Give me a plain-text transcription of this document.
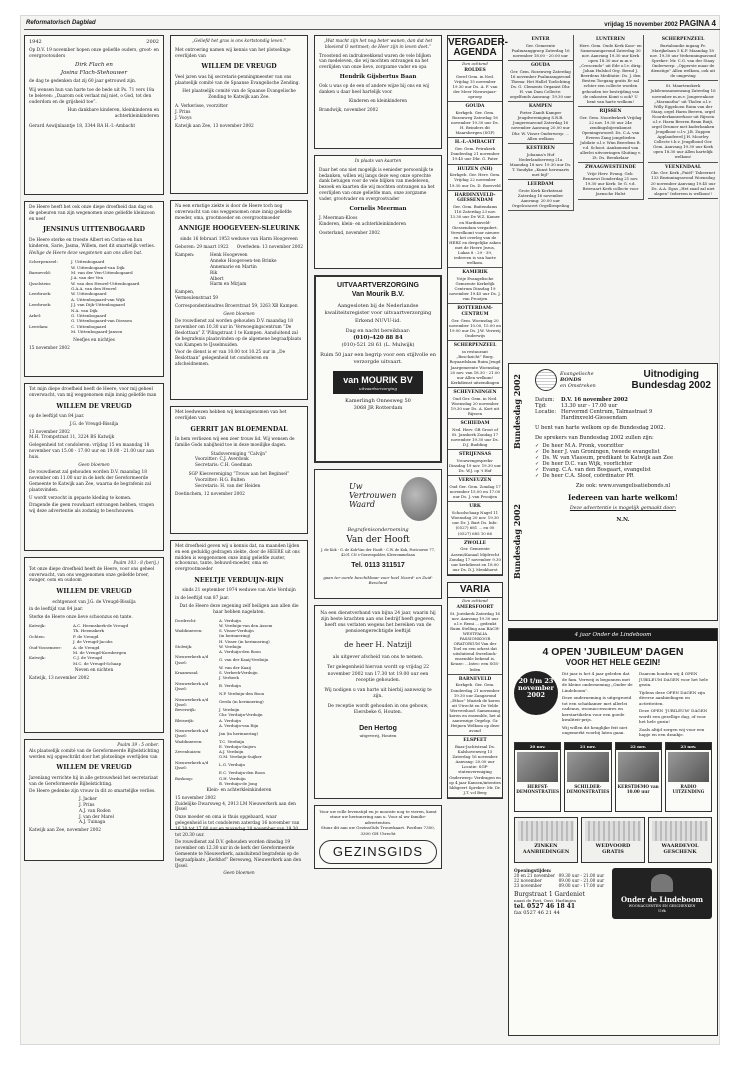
Reformatorisch Dagblad	vrijdag 15 november 2002 PAGINA 4
1942	2002
Op D.V. 19 november hopen onze geliefde ouders, groot- en overgrootouders
Dirk Flach en
Josina Flach-Stehouwer
de dag te gedenken dat zij 60 jaar getrouwd zijn.
Wij wensen hun van harte toe de bede uit Ps. 71 vers 18a te beleven: „Daarom ook verlaat mij niet, o God, tot den ouderdom en de grijsheid toe”.
Hun dankbare kinderen, kleinkinderen en achterkleinkinderen
Gerard Aswijnlaantje 18, 3344 RA H.-I.-Ambacht
De Heere heeft het ook onze diepe droefheid dan dag en de gebeuren van zijn wegenomen onze geliefde kleinzoon en neef
JENSINUS UITTENBOGAARD
De Heere sterke en troeste Albert en Corine en hun kinderen, Sarie, Jasma, Willem, met dit smartelijk verlies.
Heilige de Heere deze wegstenen aan ons allen bat.
Scherpenzeel:	J. Uittenbogaard
	W. Uittenbogaard-van Dijk
Barneveld:	M. van der Ven-Uittenbogaard
	J.A. van der Ven
IJsselstein:	W. van den Heuvel-Uittenbogaard
	G.A.A. van den Heuvel
Leerbroek:	W. Uittenbogaard
	A. Uittenbogaard-van Wijk
Leerbroek:	J.J. van Dijk-Uittenbogaard
	N.A. van Dijk
Arkel:	G. Uittenbogaard
	G. Uittenbogaard-van Diessen
Leerdam:	C. Uittenbogaard
	M. Uittenbogaard-Jansen
Neefjes en nichtjes
15 november 2002
Tot mijn diepe droefheid heeft de Heere, voor mij geheel onverwacht, van mij weggenomen mijn innig geliefde man
WILLEM DE VREUGD
op de leeftijd van 84 jaar.
J.G. de Vreugd-Bissilja
13 november 2002
M.H. Trompstraat 11, 3224 BS Katwijk
Gelegenheid tot condoleren: vrijdag 15 en maandag 18 november van 15.00 - 17.00 uur en 19.00 - 21.00 uur aan huis.
Geen bloemen
De rouwdienst zal gehouden worden D.V. maandag 18 november om 11.00 uur in de kerk der Gereformeerde Gemeente te Katwijk aan Zee, waarna de begrafenis zal plaatsvinden.
U wordt verzocht in gepaste kleding te komen.
Dragende die geen rouwkaart ontvangen hebben, vragen wij deze advertentie als zodanig te beschouwen.
Psalm 103 : 8 (berij.)
Tot onze diepe droefheid heeft de Heere, voor ons geheel onverwacht, van ons weggenomen onze geliefde broer, zwager, oom en oudoom
WILLEM DE VREUGD
echtgenoot van J.G. de Vreugd-Bissilja
in de leeftijd van 84 jaar.
Sterke de Heere onze lieve schoonzus en tante.
Katwijk:	A.C. Heemskerk-de Vreugd
	Th. Heemskerk
Ochten:	P. de Vreugd
	J. de Vreugd-Jacobs
Oud-Vossemeer:	A. de Vreugd
	M. de Vreugd-Kornbergen
Katwijk:	C.J. de Vreugd
	M.C. de Vreugd-Schaap
Neven en nichten
Katwijk, 13 november 2002
Psalm 39 : 5 onber.
Als plaatselijk comité van de Gereformeerde Bijbelstichting werden wij opgeschrikt door het plotselinge overlijden van
WILLEM DE VREUGD
Jarenlang verrichte hij in alle getrouwheid het secretariaat van de Gereformeerde Bijbelstichting.
De Heere gedenke zijn vrouw in dit zo smartelijke verlies.
J. Jacker
J. Prins
A.J. van Roden
J. van der Marel
A.J. Tuinaga
Katwijk aan Zee, november 2002
„Geliefd het gras is ons kortstondig leven.”
Met ontroering namen wij kennis van het plotselinge overlijden van
WILLEM DE VREUGD
Veel jaren was hij secretaris-penningmeester van ons plaatselijk comité van de Spaanse Evangelische Zending.
Het plaatselijk comité van de Spaanse Evangelische Zending te Katwijk aan Zee.
A. Verkerisse, voorzitter
J. Prins
J. Vooys
Katwijk aan Zee, 13 november 2002
Na een ernstige ziekte is door de Heere toch nog onverwacht van ons weggenomen onze innig geliefde moeder, oma, grootmoeder en overgrootmoeder
ANNIGJE HOOGEVEEN-SLEURINK
sinds 16 februari 1953 weduwe van Harm Hoogeveen
Geboren: 29 maart 1922 Overleden: 13 november 2002
Kampen:	Henk Hoogeveen
Anneke Hoogeveen-ten Brinke
Annemarie en Martin
Rik
Albert
Harm en Mirjam
Kampen,
Vermeulenstraat 59
Correspondentieadres Broerstraat 59, 3263 XB Kampen
Geen bloemen
De rouwdienst zal worden gehouden D.V. maandag 18 november om 10.30 uur in 'Verwoegingscentrum “De Beslottaan” Z 'Pilingstraat 1 te Kampen. Aansluitend zal de begrafenis plaatsvinden op de algemene begraafplaats van Kampen te IJsselmuiden.
Voor de dienst is er van 10.00 tot 10.25 uur in „De Beslottaan” gelegenheid tot condoleren en afscheidnemen.
Met leedwezen hebben wij kennisgenomen van het overlijden van
GERRIT JAN BLOEMENDAL
In hem verliezen wij een zeer trouw lid. Wij wensen de familie Gods nabijheid toe in deze moeilijke dagen.
Stadsvereniging “Calvijn”
Voorzitter: C.J. Averdonk
Secretaris: C.H. Goedman
SGP Kiesvereniging “Trouw aan het Beginsel”
Voorzitter: H.G. Bulten
Secretaris: H. van der Heiden
Doetinchem, 12 november 2002
Met droefheid geven wij u kennis dat, na maanden lijden en een geduldig gedragen ziekte, door de HEERE uit ons midden is weggenomen onze innig geliefde zuster, schoonzus, tante, behuwd-moeder, oma en overgrootmoeder
NEELTJE VERDUIJN-RIJN
sinds 21 september 1974 weduwe van Arie Verduijn
in de leeftijd van 87 jaar.
Dat de Heere deze zegening zelf heiligen aan allen die haar hebben nagelaten.
Dordrecht:	A. Verduijn
	W. Verduijn-van den Assem
Waddinxveen:	S. Visser-Verduijn
	(in herinnering)
	H. Visser (in herinnering)
Stolwijk:	W. Verduijn
	A. Verduijn-den Boon
Nieuwerkerk a/d IJssel:	G. van der Kaaij-Verduijn
	W. van der Kaaij
Kraamwaal:	S. Verbeek-Verduijn
	J. Verbeek
Nieuwerkerk a/d IJssel:	B. Verduijn
	N.P. Verduijn-den Boon
Nieuwerkerk a/d IJssel:	Gerda (in herinnering)
Beverwijk:	J. Verduijn
	Chr. Verduijn-Verduijn
Bleiswijk:	A. Verduijn
	A. Verduijn-van Rijn
Nieuwerkerk a/d IJssel:	Jan (in herinnering)
Waddinxveen:	T.C. Verduijn
	E. Verduijn-Snijers
Zevenhuizen:	A.J. Verduijn
	G.M. Verduijn-Suijker
Nieuwerkerk a/d IJssel:	L.G. Verduijn
	E.C. Verduijn-den Boon
Boskoop:	G.H. Verduijn
	B. Verduijn-de Jong
Klein- en achterkleinkinderen
15 november 2002
Zuidelijke Dwarsweg 4, 2913 LM Nieuwerkerk aan den IJssel
Onze moeder en oma is thuis opgebaard, waar gelegenheid is tot condoleren zaterdag 16 november van 16.30 tot 17.00 uur en maandag 18 november van 19.30 tot 20.30 uur.
De rouwdienst zal D.V. gehouden worden dinsdag 19 november om 12.30 uur in de kerk der Gereformeerde Gemeente te Nieuwerkerk, aansluitend begrafenis op de begraafplaats „Kerkhof” Beresweg, Nieuwerkerk aan den IJssel.
Geen bloemen
„Wat macht zijn het nog beter wanen, dan dat het bloeiend O wetmoet; de Heer zijn in leven doet.”
Troostend en indrukwekkend waren de vele blijken van medeleven, die wij mochten ontvangen na het overlijden van onze lieve, zorgzame vader en opa
Hendrik Gijsbertus Baan
Ook u was op de een of andere wijze bij ons en wij danken u daar heel hartelijk voor.
Kinderen en kleinkinderen
Brandwijk, november 2002
In plaats van kaarten
Daar het ons niet mogelijk is eenieder persoonlijk te bedanken, willen wij langs deze weg onze oprechte dank betuigen voor de vele blijken van medeleven, bezoek en kaarten die wij mochten ontvangen na het overlijden van onze geliefde man, onze zorgzame vader, grootvader en overgrootvader
Cornelis Meerman
J. Meerman-Kloos
Kinderen, klein- en achterkleinkinderen
Oosterland, november 2002
UITVAARTVERZORGING
Van Mourik B.V.
Aangesloten bij de Nederlandse kwaliteitsregister voor uitvaartverzorging
Erkend NUVU-lid.
Dag en nacht bereikbaar:
(010)-420 88 84
(010)-521 28 61 (L. Mulwijk)
Ruim 50 jaar een begrip voor een stijlvolle en verzorgde uitvaart.
van MOURIK BV
uitvaartverzorging
Kamerlingh Onnesweg 50
3068 JR Rotterdam
Uw
Vertrouwen
Waard
Begrafenisonderneming
Van der Hooft
J. de Kok - G. de Kok-Van der Hooft - C.W. de Kok, Postcouwe 77, 4201 CN s-Gravenpolder, Kleerommelaan
Tel. 0113 311517
gaan ter oorde beschikbaar voor heel Noord- en Zuid-Beveland
Na een dienstverband van bijna 24 jaar, waarin hij zijn beste krachten aan ons bedrijf heeft gegeven, heeft ons verlaten wegens het bereiken van de pensioengerechtigde leeftijd
de heer H. Natzijl
als uitgever afscheid van ons te nemen.
Ter gelegenheid hiervan wordt op vrijdag 22 november 2002 van 17.30 tot 19.00 uur een receptie gehouden.
Wij nodigen u van harte uit hierbij aanwezig te zijn.
De receptie wordt gehouden in ons gebouw, Eiersbeke 6, Houten.
Den Hertog
uitgeverij, Houten
Voor uw rolle levenstijd en je mooiste nog te vieren, komt stuur uw herinnering aan u. Voor al uw familie-advertenties.
Stuur dit aan uw GezinsGids Trouwkaart. Postbus 7350, 3300 GH Utrecht
GEZINSGIDS
VERGADER-
AGENDA
Den ochtend
ROLDES
Geref Gem. in Ned. Vrijdag 15 november 19.30 uur Ds. A. F. van der Meer Nieuwsjaar-oproep
GOUDA
Kerkgeb. Ger. Gem. Rozenweg Zaterdag 16 november 19.30 uur Ds. H. Beinders dit Maarsbergen (SGP)
H.-I.-AMBACHT
Ger. Gem. Petrakerk Donderdag 21 november 19.45 uur Dhr. G. Pater
HUIZEN (NH)
Kerkgeb. Ger. Herv. Gem. Vrijdag 22 november 19.30 uur Ds. D. Boesveld
HARDINXVELD-GIESSENDAM
Ger. Gem. Buitendams 116 Zaterdag 23 nov. 13.30 uur De W.Z. Kamer en Hardinxveld-Giessendam vergadert. Verwelkomt voor nieuwe en het overleg van de HERZ en dergelijke zaken met de Heere Jezus, Lukas 8 : 29 - 39, iedereen is van harte welkom.
KAMERIK
Vrije Evangelische Gemeente Kerkelijk Centrum Dinsdag 19 november 19.45 uur Ds. J. van Prooijen
ROTTERDAM-CENTRUM
Ger. Gem. Woensdag 20 november 10.00, 15.00 en 19.00 uur Ds. J.W. Verweij Onderwijs
SCHERPENZEEL
in restaurant „Boschzicht” Burg. Royaardslaan Ruim Jeugd Jaargemeente Woensdag 20 nov. van 18.30 - 21.00 uur Allen welkom! Kerkdienst uitzendingen
SCHEVENINGEN
Oud Ger. Gem. in Ned. Woensdag 20 november 19.30 uur Ds. A. Kort uit Rijssen
SCHIEDAM
Ned. Herv. GB Groot of St. Janskerk Zondag 17 november 19.30 uur Ds. D.J. Budding
STRIJENSAS
Vrouwengespreks-Dinsdag 19 nov. 19.30 uur Ds. W.J. op 't Hof
VERNEUZEN
Oud Ger. Gem. Zondag 17 november 15.00 en 17.00 uur Ds. J. van Prooijen
URK
Schoolschaap Nagel 11 Woensdag 20 nov. 19.30 uur Dr. J. Bart Ds. Info: (0527) 681 ... en 00 (0527) 685 10 66
ZWOLLE
Ger. Gemeente Asseni/Kanaal Mijdrecht Zondag 17 november 9.30 uur kerkdienst en 18.00 uur Ds. D.J. Menkhorst
VARIA
Den ochtend
AMERSFOORT
St. Joriskerk Zaterdag 16 nov. Aanvang 19.30 uur o.l.v. Remi ... gedenkt Ruim Stelling aan BACH-WESTFALIA PASSIONKOOR ORATORIUM Van der Toel en een orkest dat uitsluitend Sweelinck-ensemble bekend is. Keuze: ...Intro: een SGS-leden
BARNEVELD
Kerkgeb. Ger. Gem. Donderdag 21 november 19.30 uur Zangavond „Ethos” Muziek de koren uit Utrecht en De Velde Wervershoof. Samenzang koren en ensemble, het al aanwezige Orgelsp. Gz Heijnen Welkom op deze avond
ELSPEET
Baaz-Jachtstraal Ds. Kalshovenweg 15 Zaterdag 16 november Aanvang: 20.00 uur Locatie: SGP-statenvereniging Onderwerp: Verdragen en op 4 jaar Kansen/intenties hbbgeert Spreker: Mr. Dr. J.T. v.d Berg
ENTER
Ger. Gemeente Psalmzanggroep Zaterdag 16 november 18.00 - 20.00 uur
GOUDA
Ger. Gem. Rozenweg Zaterdag 16 november Psalmzangavond Thema: Het Hallel Toelichting Ds. G. Clements Organist Dhr. H. van Dam Collecte: orgelfonds Aanvang: 19.30 uur
KAMPEN
Pieter Zandt Kamper Jeugdvereniging S.R.B. Jongerenavond Zaterdag 16 november Aanvang 20.00 uur Dhr. W. Visser Onderwerp: ... Allen welkom
KESTEREN
Johanna's Hof Nederlandserweg 21a Maandag 18 nov. 19.30 uur Ds. T. Vandyke „Kunst herwaarts met bijl”
LEERDAM
Grote Kerk Kerkstraat Zaterdag 16 november Aanvang: 20.00 uur Orgelconcert Orgelbespeling
LUNTEREN
Herv. Gem. Oude Kerk Koor- en Samenzangavond Zaterdag 30 nov. Aanvang 19.30 uur Kerk open 18.30 uur m.m.v. „Crescendo” uit Ede o.l.v. dirig. Johan Hulsbol Org. Bernd J. Beerdens Meditatie: Ds. J. den Besten Toegang gratis Er zal echter een collecte worden gehouden ter bestrijding van de onkosten Komt u ook? U bent van harte welkom!
RIJSSEN
Ger. Gem. Noorderkerk Vrijdag 22 nov. 19.30 uur 24e zendingsbijeenkomst Openingswoord: Ds. C.A. van Everen Zang jongelieden Jubilate o.l.v. Wim Beerdens B. v.d. Schoot. Aankomend van allerlei uitvoeringen Sluiting v. Zt. Ds. Breukelaar
ZWAAGWESTEINDE
Vrije Herv. Evang. Geb. Rennewi Donderdag 21 nov. 19.30 uur Kerk: 5e G. v.d. Brievaart Kerk collecte voor Jaensche Hulst
SCHERPENZEEL
Burtabondie ingang Pr. Marijkelaan 5 K.P. Maandag 18 nov. 19.30 uur Verkenningsavond Spreker: Mr. C.G. van der Staay Onderwerp: „Opperste maar de dienstige” Allen welkom, ook uit de omgeving
St. Maartenskerk Jubileumsamenzang Zaterdag 16 november m.m.v. Jongerenkoor „Maranatha” uit Tholen o.l.v. Willy Eggeboen Ruim van der Staay, orgel Harm Beeren, orgel Noorderkameerkoor uit Rijssen o.l.v. Harm Beeren Bram Buijt, orgel Drumer met kaderbanken Jeugdkoor o.l.v. J.B. Zuppen Applaudeerd J.H. Moorley Collecte t.b.v. Jeugdbond Ger. Gem. Aanvang 19.30 uur Kerk open 18.30 uur Allen hartelijk welkom!
VEENENDAAL
Chr. Ger. Kerk „Pniël” Tabeernet 133 Bezinningsavond Woensdag 20 november Aanvang 19.45 uur Ds. A.A. Egas „Het zaad zal niet slapen” Iedereen is welkom!!
Bundesdag 2002
Bundesdag 2002
Evangelische
BONDS
en Omstreken
Uitnodiging
Bundesdag 2002
Datum:	D.V. 16 november 2002
Tijd:	13.30 uur - 17.00 uur
Locatie:	Hervormd Centrum, Talmastraat 9
	Hardinxveld-Giessendam
U bent van harte welkom op de Bundesdag 2002.
De sprekers van Bundesdag 2002 zullen zijn:
✓ De heer M.A. Pronk, voorzitter
✓ De heer J. van Groningen, tweede evangelist
✓ Ds. W. van Vlassum, predikant te Katwijk aan Zee
✓ De heer D.C. van Wijk, voorlichter
✓ Evang. C.A. van den Bosgaart, evangelist
✓ De heer C.A. Sloof, coördinator PR
Zie ook: www.evangelisatiebonds.nl
Iedereen van harte welkom!
Deze advertentie is mogelijk gemaakt door:
N.N.
4 jaar Onder de Lindeboom
4 OPEN 'JUBILEUM' DAGEN
VOOR HET HELE GEZIN!
20 t/m 23
november
2002
Dit jaar is het 4 jaar geleden dat de fam. Verweij is begonnen met de kleine onderneming „Onder de Lindeboom”.
Deze onderneming is uitgegroeid tot een schatkamer met allerlei cadeaus, woonaccessoires en kerstartikelen voor een goede kwaliteit-prijs.
Wij willen dit heuglijke feit niet ongemerkt voorbij laten gaan.
Daarom houden wij 4 OPEN JUBILEUM DAGEN voor het hele gezin.
Tijdens deze OPEN DAGEN zijn diverse aanbiedingen en activiteiten.
Deze OPEN 'JUBILEUM' DAGEN wordt een gezellige dag, of voor het hele gezin!
Zoals altijd zorgen wij voor een hapje en een drankje.
20 nov.
HERFST-DEMONSTRATIES
21 nov.
SCHILDER-DEMONSTRATIES
22 nov.
KERSTDEMO van 10.00 uur
23 nov.
RADIO UITZENDING
ZINKEN AANBIEDINGEN
WEDVOORD GRATIS
WAARDEVOL GESCHENK
Openingstijden:
20 en 21 november	09.30 uur - 21.00 uur
22 november	09.00 uur - 21.00 uur
23 november	09.00 uur - 17.00 uur
Burgstraat 1 Gardeniet
naast de Post, Oost. Harlingen
tel. 0527 46 18 41
fax 0527 46 21 44
Onder de Lindeboom
WOONACCENTEN EN GESCHENKEN
Urk
